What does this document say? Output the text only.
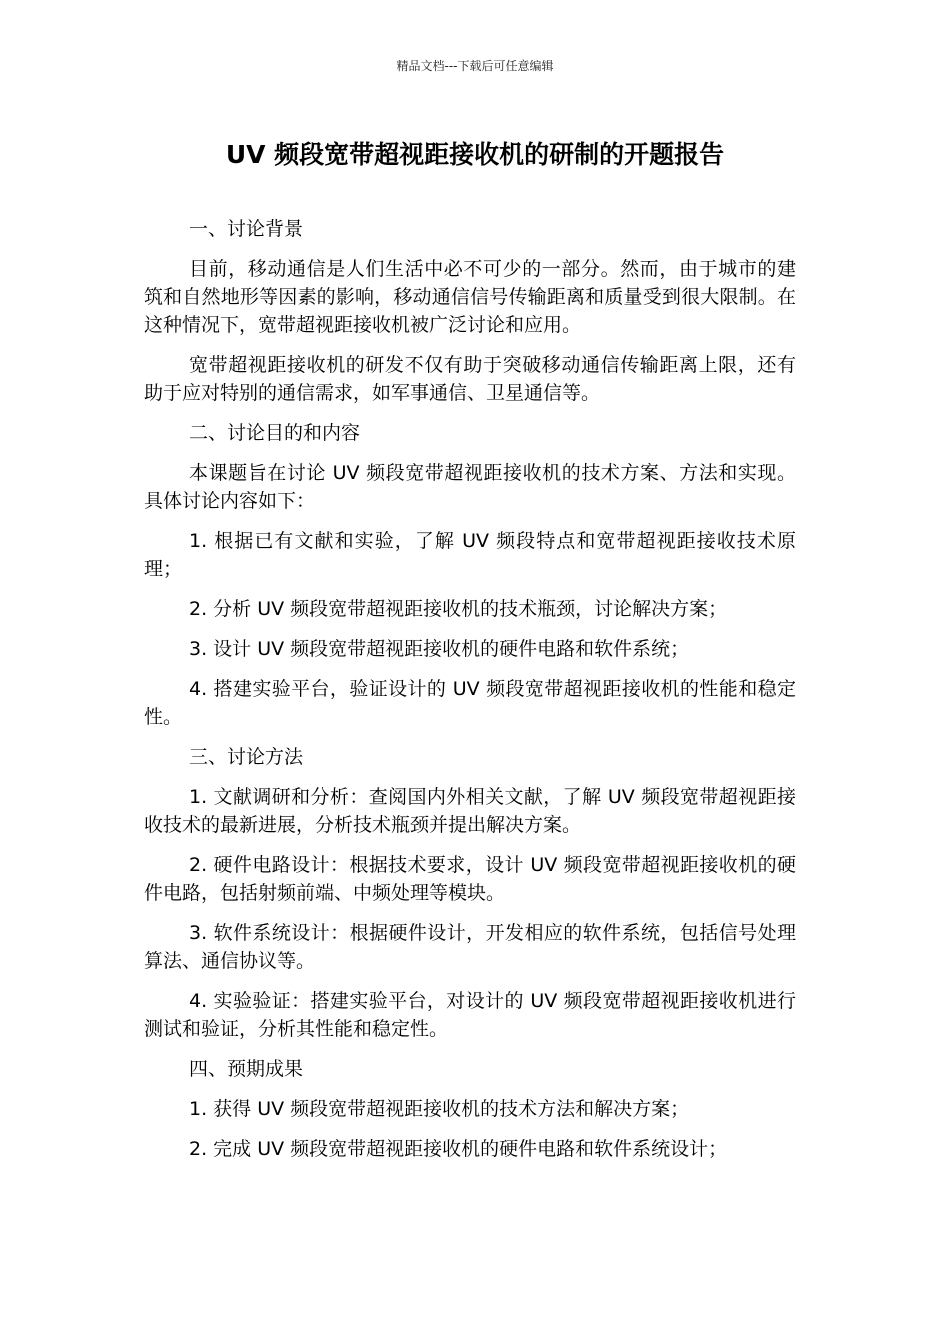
精品文档---下载后可任意编辑
UV 频段宽带超视距接收机的研制的开题报告

一、讨论背景

目前，移动通信是人们生活中必不可少的一部分。然而，由于城市的建筑和自然地形等因素的影响，移动通信信号传输距离和质量受到很大限制。在这种情况下，宽带超视距接收机被广泛讨论和应用。

宽带超视距接收机的研发不仅有助于突破移动通信传输距离上限，还有助于应对特别的通信需求，如军事通信、卫星通信等。

二、讨论目的和内容

本课题旨在讨论 UV 频段宽带超视距接收机的技术方案、方法和实现。具体讨论内容如下：

1. 根据已有文献和实验，了解 UV 频段特点和宽带超视距接收技术原理；

2. 分析 UV 频段宽带超视距接收机的技术瓶颈，讨论解决方案；

3. 设计 UV 频段宽带超视距接收机的硬件电路和软件系统；

4. 搭建实验平台，验证设计的 UV 频段宽带超视距接收机的性能和稳定性。

三、讨论方法

1. 文献调研和分析：查阅国内外相关文献，了解 UV 频段宽带超视距接收技术的最新进展，分析技术瓶颈并提出解决方案。

2. 硬件电路设计：根据技术要求，设计 UV 频段宽带超视距接收机的硬件电路，包括射频前端、中频处理等模块。

3. 软件系统设计：根据硬件设计，开发相应的软件系统，包括信号处理算法、通信协议等。

4. 实验验证：搭建实验平台，对设计的 UV 频段宽带超视距接收机进行测试和验证，分析其性能和稳定性。

四、预期成果

1. 获得 UV 频段宽带超视距接收机的技术方法和解决方案；

2. 完成 UV 频段宽带超视距接收机的硬件电路和软件系统设计；
